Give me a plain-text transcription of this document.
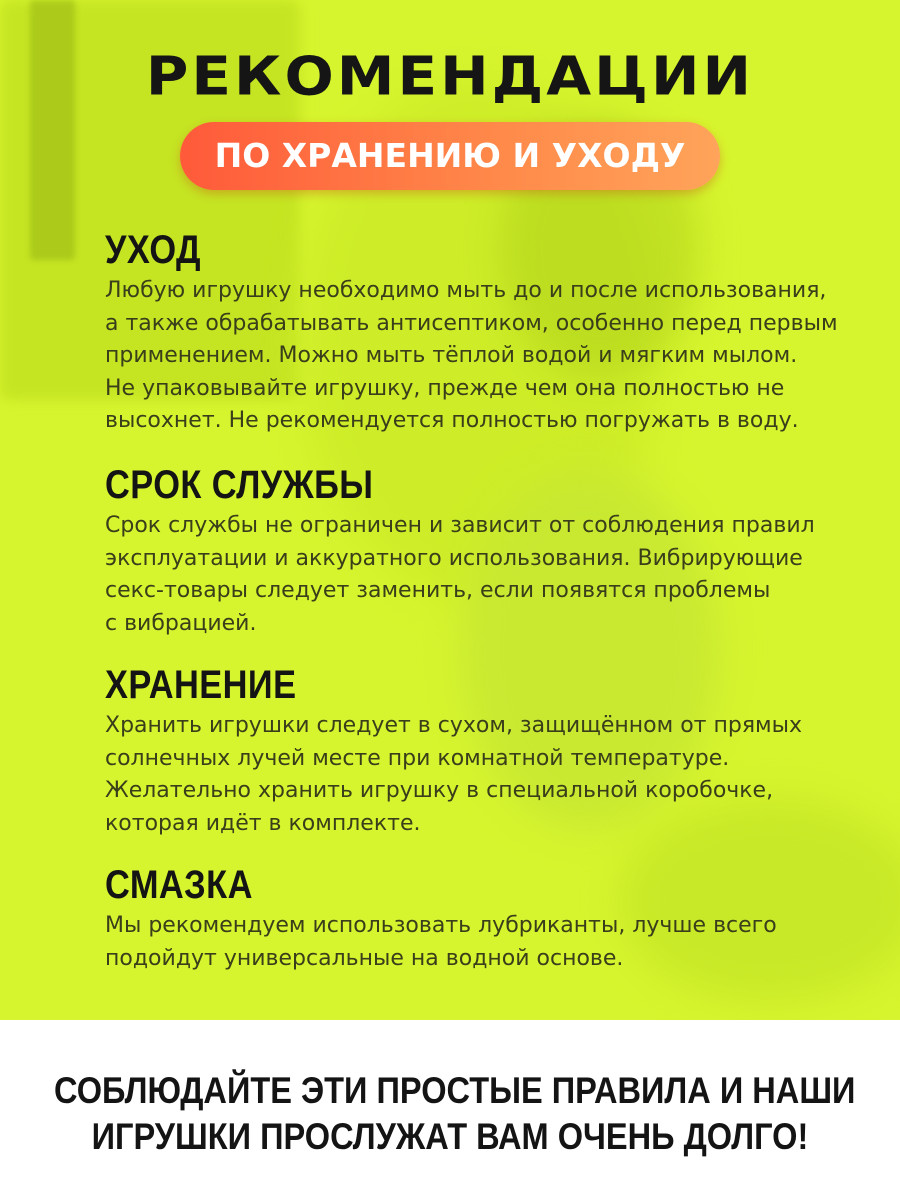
РЕКОМЕНДАЦИИ
ПО ХРАНЕНИЮ И УХОДУ
УХОД
Любую игрушку необходимо мыть до и после использования,
а также обрабатывать антисептиком, особенно перед первым
применением. Можно мыть тёплой водой и мягким мылом.
Не упаковывайте игрушку, прежде чем она полностью не
высохнет. Не рекомендуется полностью погружать в воду.
СРОК СЛУЖБЫ
Срок службы не ограничен и зависит от соблюдения правил
эксплуатации и аккуратного использования. Вибрирующие
секс-товары следует заменить, если появятся проблемы
с вибрацией.
ХРАНЕНИЕ
Хранить игрушки следует в сухом, защищённом от прямых
солнечных лучей месте при комнатной температуре.
Желательно хранить игрушку в специальной коробочке,
которая идёт в комплекте.
СМАЗКА
Мы рекомендуем использовать лубриканты, лучше всего
подойдут универсальные на водной основе.
СОБЛЮДАЙТЕ ЭТИ ПРОСТЫЕ ПРАВИЛА И НАШИ
ИГРУШКИ ПРОСЛУЖАТ ВАМ ОЧЕНЬ ДОЛГО!
